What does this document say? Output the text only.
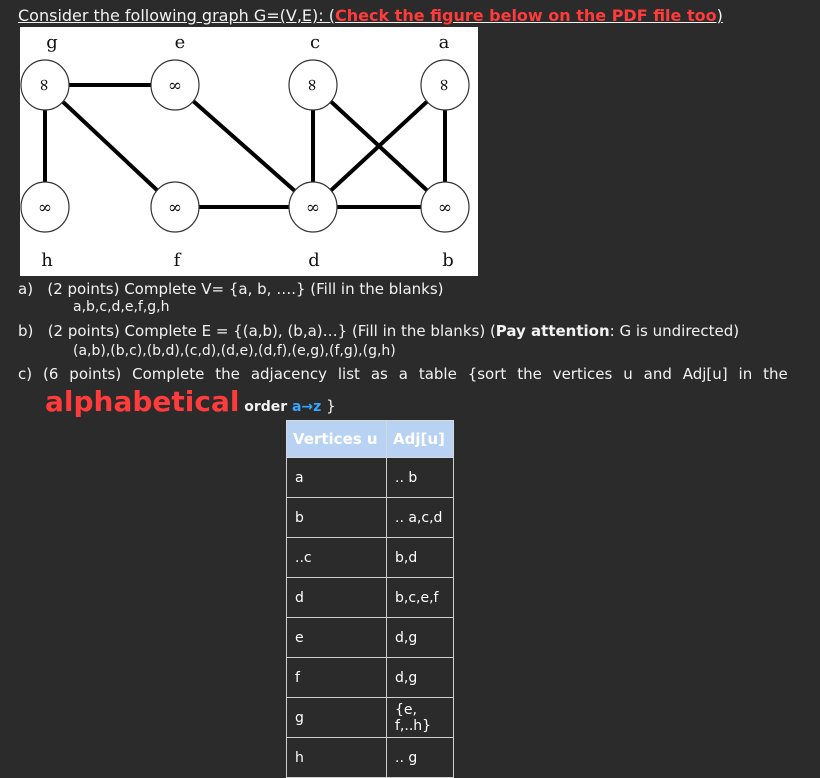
Consider the following graph G=(V,E): (Check the figure below on the PDF file too)
∞	∞	∞	∞
∞	∞	∞	∞
g	e	c	a
h	f	d	b
a) (2 points) Complete V= {a, b, ….} (Fill in the blanks)
a,b,c,d,e,f,g,h
b) (2 points) Complete E = {(a,b), (b,a)…} (Fill in the blanks) (Pay attention: G is undirected)
(a,b),(b,c),(b,d),(c,d),(d,e),(d,f),(e,g),(f,g),(g,h)
c) (6 points) Complete the adjacency list as a table {sort the vertices u and Adj[u] in the
alphabetical order a→z }
Vertices u	Adj[u]
a	.. b
b	.. a,c,d
..c	b,d
d	b,c,e,f
e	d,g
f	d,g
g	{e, f,..h}
h	.. g
